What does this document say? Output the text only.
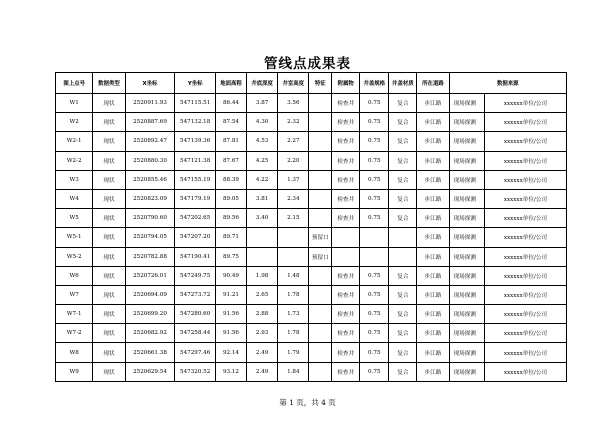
管线点成果表
图上点号	数据类型	X坐标	Y坐标	地面高程	井底深度	井室高度	特征	附属物	井盖规格	井盖材质	所在道路	数据来源	
W1	现状	2520911.93	547115.51	86.44	3.87	3.56		检查井	0.75	复合	步江路	现场探测	xxxxxx单位/公司
W2	现状	2520887.69	547132.18	87.54	4.30	2.32		检查井	0.75	复合	步江路	现场探测	xxxxxx单位/公司
W2-1	现状	2520892.47	547139.36	87.81	4.53	2.27		检查井	0.75	复合	步江路	现场探测	xxxxxx单位/公司
W2-2	现状	2520880.30	547121.38	87.67	4.25	2.20		检查井	0.75	复合	步江路	现场探测	xxxxxx单位/公司
W3	现状	2520855.46	547155.19	88.39	4.22	1.37		检查井	0.75	复合	步江路	现场探测	xxxxxx单位/公司
W4	现状	2520823.09	547179.19	89.05	3.81	2.34		检查井	0.75	复合	步江路	现场探测	xxxxxx单位/公司
W5	现状	2520790.60	547202.65	89.56	3.40	2.15		检查井	0.75	复合	步江路	现场探测	xxxxxx单位/公司
W5-1	现状	2520794.05	547207.20	89.71			预留口				步江路	现场探测	xxxxxx单位/公司
W5-2	现状	2520782.88	547190.41	89.75			预留口				步江路	现场探测	xxxxxx单位/公司
W6	现状	2520726.01	547249.75	90.49	1.98	1.48		检查井	0.75	复合	步江路	现场探测	xxxxxx单位/公司
W7	现状	2520694.09	547273.72	91.21	2.65	1.78		检查井	0.75	复合	步江路	现场探测	xxxxxx单位/公司
W7-1	现状	2520699.20	547280.60	91.56	2.88	1.73		检查井	0.75	复合	步江路	现场探测	xxxxxx单位/公司
W7-2	现状	2520682.92	547258.44	91.56	2.93	1.78		检查井	0.75	复合	步江路	现场探测	xxxxxx单位/公司
W8	现状	2520661.38	547297.46	92.14	2.49	1.79		检查井	0.75	复合	步江路	现场探测	xxxxxx单位/公司
W9	现状	2520629.54	547320.52	93.12	2.49	1.84		检查井	0.75	复合	步江路	现场探测	xxxxxx单位/公司
第 1 页，共 4 页
